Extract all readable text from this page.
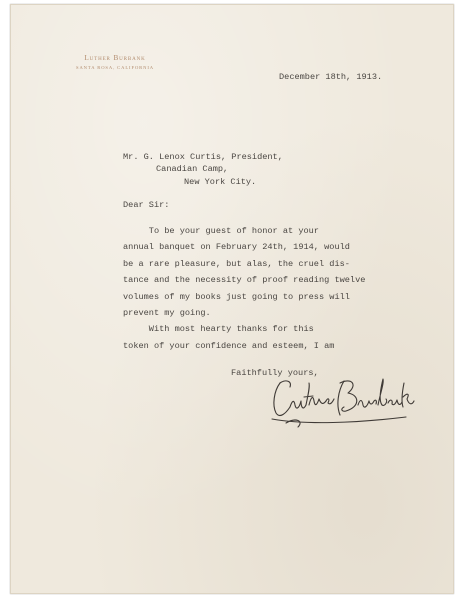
Luther Burbank
SANTA ROSA, CALIFORNIA
December 18th, 1913.
Mr. G. Lenox Curtis, President,
Canadian Camp,
New York City.
Dear Sir:
To be your guest of honor at your
annual banquet on February 24th, 1914, would
be a rare pleasure, but alas, the cruel dis-
tance and the necessity of proof reading twelve
volumes of my books just going to press will
prevent my going.
With most hearty thanks for this
token of your confidence and esteem, I am
Faithfully yours,
